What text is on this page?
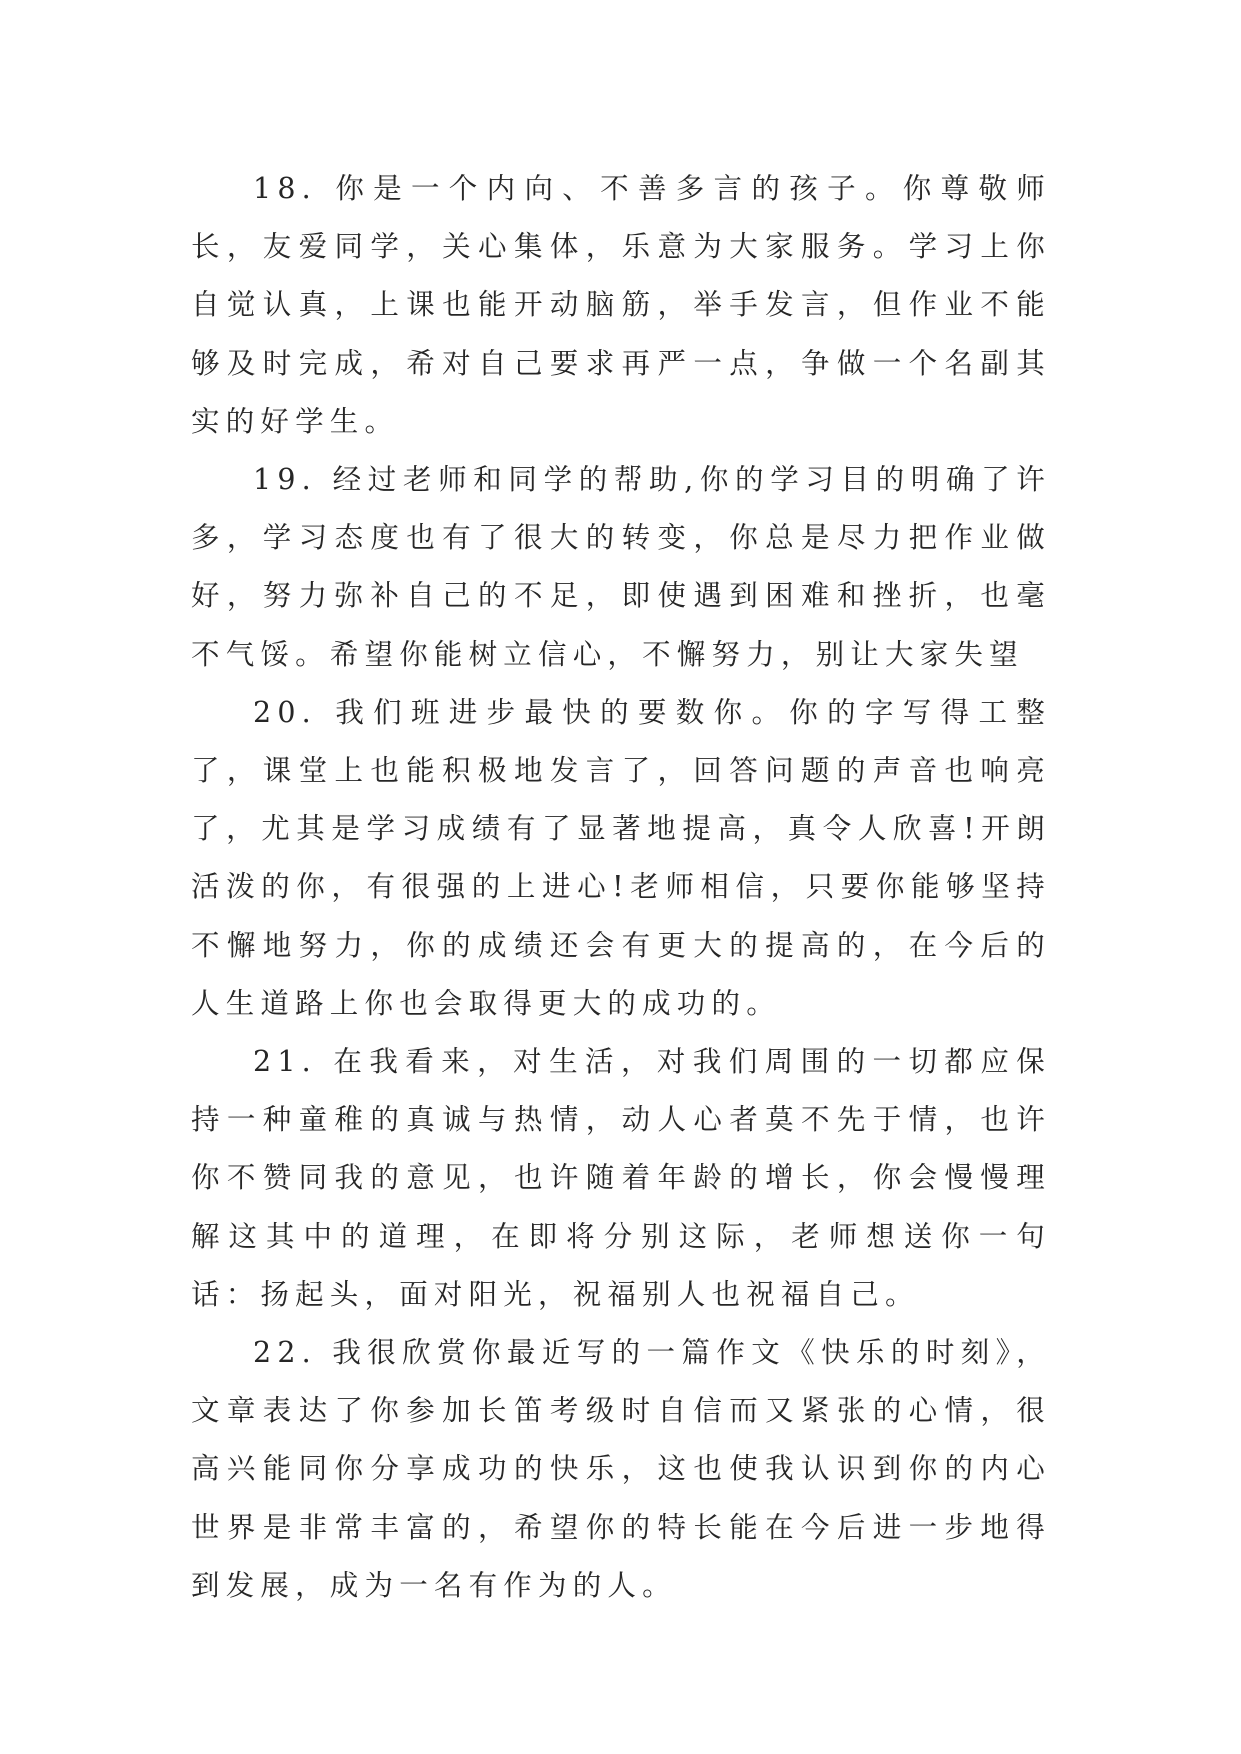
18. 你是一个内向、不善多言的孩子。你尊敬师长，友爱同学，关心集体，乐意为大家服务。学习上你自觉认真，上课也能开动脑筋，举手发言，但作业不能够及时完成，希对自己要求再严一点，争做一个名副其实的好学生。

19. 经过老师和同学的帮助,你的学习目的明确了许多，学习态度也有了很大的转变，你总是尽力把作业做好，努力弥补自己的不足，即使遇到困难和挫折，也毫不气馁。希望你能树立信心，不懈努力，别让大家失望

20. 我们班进步最快的要数你。你的字写得工整了，课堂上也能积极地发言了，回答问题的声音也响亮了，尤其是学习成绩有了显著地提高，真令人欣喜!开朗活泼的你，有很强的上进心!老师相信，只要你能够坚持不懈地努力，你的成绩还会有更大的提高的，在今后的人生道路上你也会取得更大的成功的。

21. 在我看来，对生活，对我们周围的一切都应保持一种童稚的真诚与热情，动人心者莫不先于情，也许你不赞同我的意见，也许随着年龄的增长，你会慢慢理解这其中的道理，在即将分别这际，老师想送你一句话：扬起头，面对阳光，祝福别人也祝福自己。

22. 我很欣赏你最近写的一篇作文《快乐的时刻》，文章表达了你参加长笛考级时自信而又紧张的心情，很高兴能同你分享成功的快乐，这也使我认识到你的内心世界是非常丰富的，希望你的特长能在今后进一步地得到发展，成为一名有作为的人。
